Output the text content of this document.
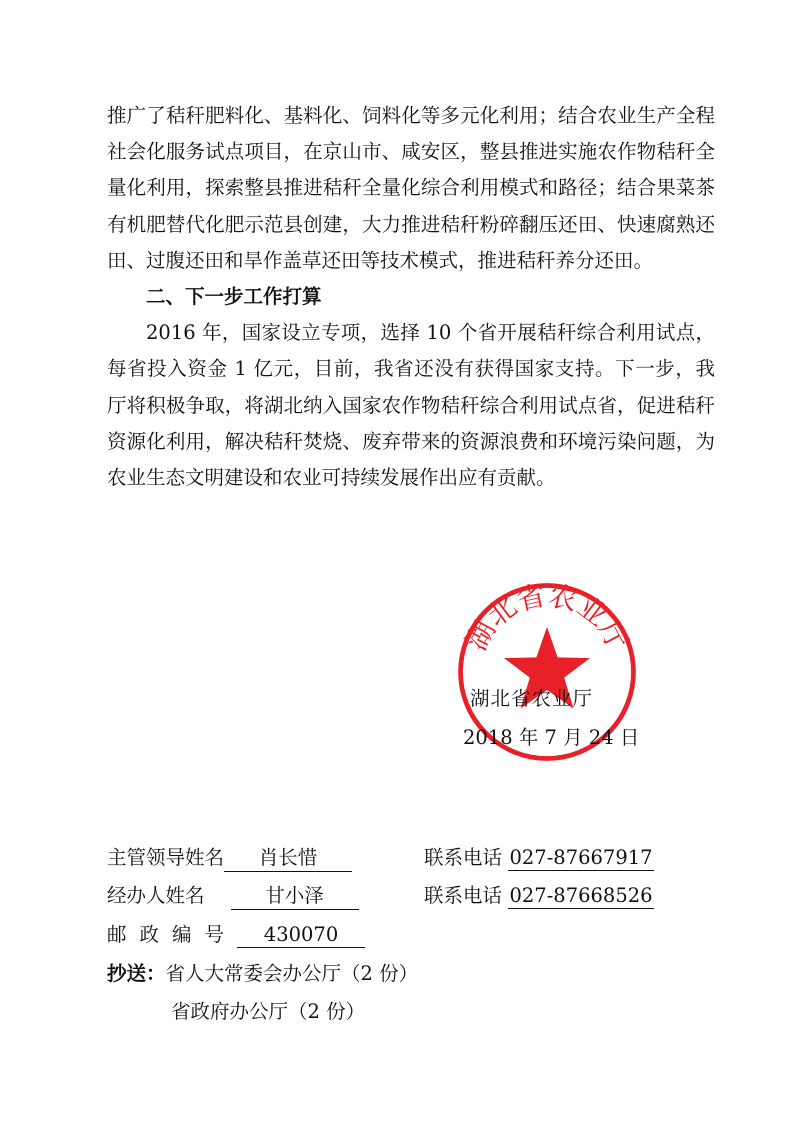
推广了秸秆肥料化、基料化、饲料化等多元化利用；结合农业生产全程社会化服务试点项目，在京山市、咸安区，整县推进实施农作物秸秆全量化利用，探索整县推进秸秆全量化综合利用模式和路径；结合果菜茶有机肥替代化肥示范县创建，大力推进秸秆粉碎翻压还田、快速腐熟还田、过腹还田和旱作盖草还田等技术模式，推进秸秆养分还田。

二、下一步工作打算

2016 年，国家设立专项，选择 10 个省开展秸秆综合利用试点，每省投入资金 1 亿元，目前，我省还没有获得国家支持。下一步，我厅将积极争取，将湖北纳入国家农作物秸秆综合利用试点省，促进秸秆资源化利用，解决秸秆焚烧、废弃带来的资源浪费和环境污染问题，为农业生态文明建设和农业可持续发展作出应有贡献。

湖北省农业厅
湖北省农业厅
2018 年 7 月 24 日
主管领导姓名	肖长惜	联系电话 027-87667917
经办人姓名	甘小泽	联系电话 027-87668526
邮政编号	430070
抄送： 省人大常委会办公厅（2 份）
省政府办公厅（2 份）
